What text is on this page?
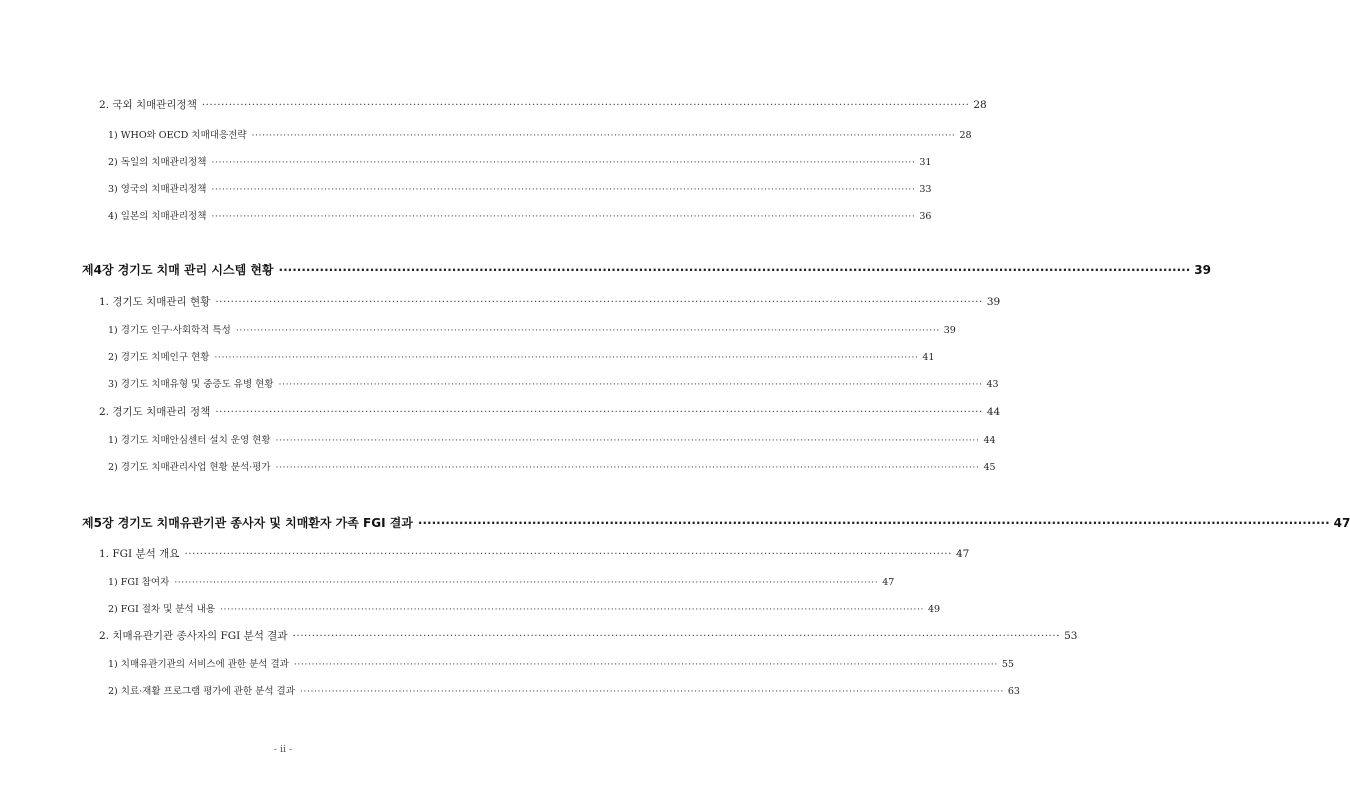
2. 국외 치매관리정책 ········································································································································································································ 28
1) WHO와 OECD 치매대응전략 ········································································································································································································ 28
2) 독일의 치매관리정책 ········································································································································································································ 31
3) 영국의 치매관리정책 ········································································································································································································ 33
4) 일본의 치매관리정책 ········································································································································································································ 36
제4장 경기도 치매 관리 시스템 현황 ········································································································································································································ 39
1. 경기도 치매관리 현황 ········································································································································································································ 39
1) 경기도 인구·사회학적 특성 ········································································································································································································ 39
2) 경기도 치메인구 현황 ········································································································································································································ 41
3) 경기도 치매유형 및 중증도 유병 현황 ········································································································································································································ 43
2. 경기도 치매관리 정책 ········································································································································································································ 44
1) 경기도 치매안심센터 설치 운영 현황 ········································································································································································································ 44
2) 경기도 치매관리사업 현황 분석·평가 ········································································································································································································ 45
제5장 경기도 치매유관기관 종사자 및 치매환자 가족 FGI 결과 ········································································································································································································ 47
1. FGI 분석 개요 ········································································································································································································ 47
1) FGI 참여자 ········································································································································································································ 47
2) FGI 절차 및 분석 내용 ········································································································································································································ 49
2. 치매유관기관 종사자의 FGI 분석 결과 ········································································································································································································ 53
1) 치매유관기관의 서비스에 관한 분석 결과 ········································································································································································································ 55
2) 치료·재활 프로그램 평가에 관한 분석 결과 ········································································································································································································ 63
- ii -
